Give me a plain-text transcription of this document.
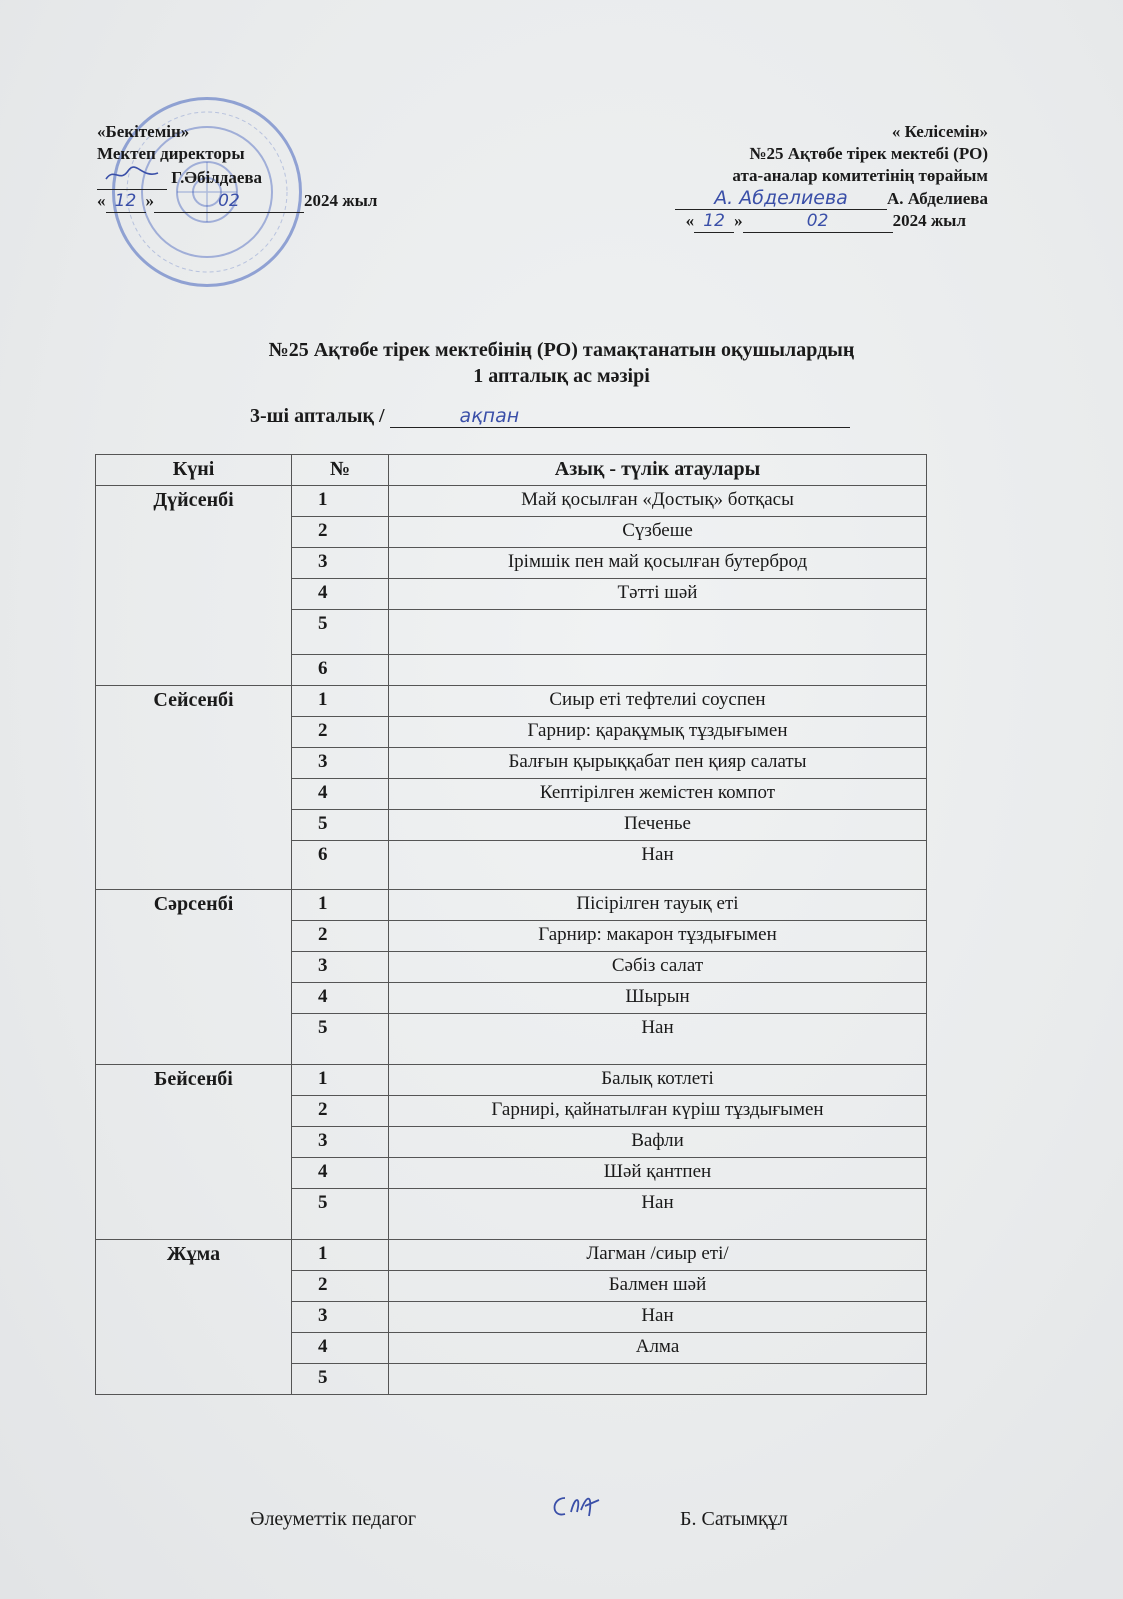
«Бекітемін»
Мектеп директоры
Г.Әбілдаева
« 12 »	02	2024 жыл
« Келісемін»
№25 Ақтөбе тірек мектебі (РО)
ата-аналар комитетінің төрайым
А. Абделиева А. Абделиева
« 12 »	02	2024 жыл
№25 Ақтөбе тірек мектебінің (РО) тамақтанатын оқушылардың
1 апталық ас мәзірі
3-ші апталық /	ақпан
Күні	№	Азық - түлік атаулары
Дүйсенбі	1	Май қосылған «Достық» ботқасы
	2	Сүзбеше
	3	Ірімшік пен май қосылған бутерброд
	4	Тәтті шәй
	5	
	6	
Сейсенбі	1	Сиыр еті тефтелиі соуспен
	2	Гарнир: қарақұмық тұздығымен
	3	Балғын қырыққабат пен қияр салаты
	4	Кептірілген жемістен компот
	5	Печенье
	6	Нан
Сәрсенбі	1	Пісірілген тауық еті
	2	Гарнир: макарон тұздығымен
	3	Сәбіз салат
	4	Шырын
	5	Нан
Бейсенбі	1	Балық котлеті
	2	Гарнирі, қайнатылған күріш тұздығымен
	3	Вафли
	4	Шәй қантпен
	5	Нан
Жұма	1	Лагман /сиыр еті/
	2	Балмен шәй
	3	Нан
	4	Алма
	5	
Әлеуметтік педагог	Б. Сатымқұл
